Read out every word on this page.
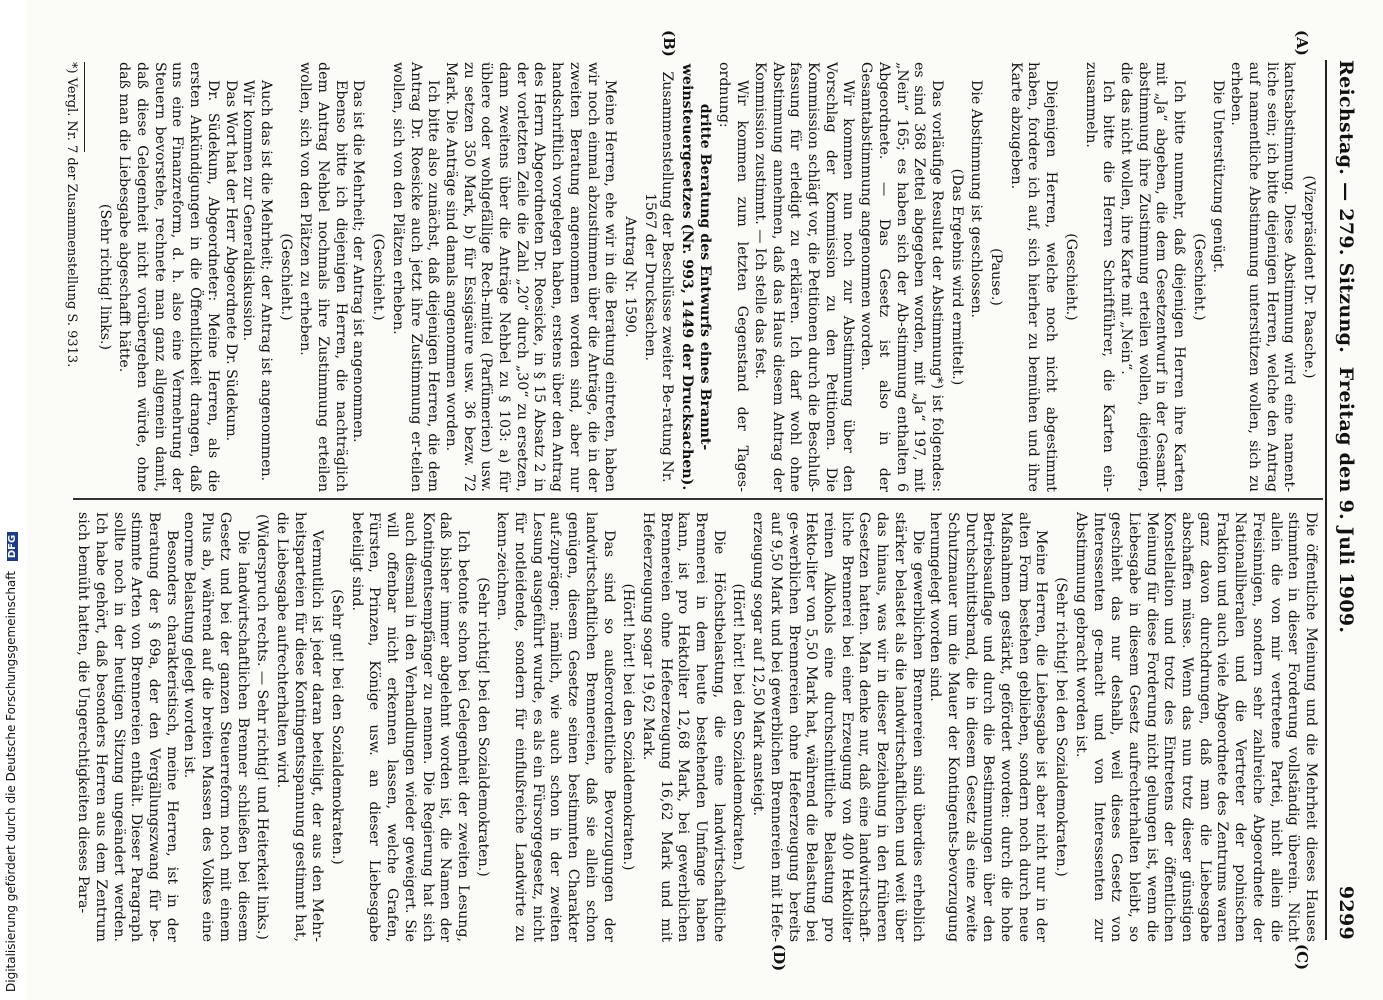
Reichstag. — 279. Sitzung.
Freitag den 9. Juli 1909.
9299
(A)
(B)
(C)
(D)

(Vizepräsident Dr. Paasche.)

kantsabstimmung. Diese Abstimmung wird eine nament-liche sein; ich bitte diejenigen Herren, welche den Antrag auf namentliche Abstimmung unterstützen wollen, sich zu erheben.

Die Unterstützung genügt.

(Geschieht.)

Ich bitte nunmehr, daß diejenigen Herren ihre Karten mit „Ja“ abgeben, die dem Gesetzentwurf in der Gesamt-abstimmung ihre Zustimmung erteilen wollen, diejenigen, die das nicht wollen, ihre Karte mit „Nein“.

Ich bitte die Herren Schriftführer, die Karten ein-zusammeln.

(Geschieht.)

Diejenigen Herren, welche noch nicht abgestimmt haben, fordere ich auf, sich hierher zu bemühen und ihre Karte abzugeben.

(Pause.)

Die Abstimmung ist geschlossen.

(Das Ergebnis wird ermittelt.)

Das vorläufige Resultat der Abstimmung*) ist folgendes: es sind 368 Zettel abgegeben worden, mit „Ja“ 197, mit „Nein“ 165; es haben sich der Ab-stimmung enthalten 6 Abgeordnete. — Das Gesetz ist also in der Gesamtabstimmung angenommen worden.

Wir kommen nun noch zur Abstimmung über den Vorschlag der Kommission zu den Petitionen. Die Kommission schlägt vor, die Petitionen durch die Beschluß-fassung für erledigt zu erklären. Ich darf wohl ohne Abstimmung annehmen, daß das Haus diesem Antrag der Kommission zustimmt. — Ich stelle das fest.

Wir kommen zum letzten Gegenstand der Tages-ordnung:

dritte Beratung des Entwurfs eines Brannt-weinsteuergesetzes (Nr. 993, 1449 der Drucksachen).

Zusammenstellung der Beschlüsse zweiter Be-ratung Nr. 1567 der Drucksachen.

Antrag Nr. 1590.

Meine Herren, ehe wir in die Beratung eintreten, haben wir noch einmal abzustimmen über die Anträge, die in der zweiten Beratung angenommen worden sind, aber nur handschriftlich vorgelegen haben, erstens über den Antrag des Herrn Abgeordneten Dr. Roesicke, in § 15 Absatz 2 in der vorletzten Zeile die Zahl „20“ durch „30“ zu ersetzen, dann zweitens über die Anträge Nehbel zu § 103: a) für üblere oder wohlgefällige Rech-mittel (Parfümerien) usw. zu setzen 350 Mark, b) für Essigsäure usw. 36 bezw. 72 Mark. Die Anträge sind damals angenommen worden.

Ich bitte also zunächst, daß diejenigen Herren, die dem Antrag Dr. Roesicke auch jetzt ihre Zustimmung er-teilen wollen, sich von den Plätzen erheben.

(Geschieht.)

Das ist die Mehrheit; der Antrag ist angenommen.

Ebenso bitte ich diejenigen Herren, die nachträglich dem Antrag Nehbel nochmals ihre Zustimmung erteilen wollen, sich von den Plätzen zu erheben.

(Geschieht.)

Auch das ist die Mehrheit; der Antrag ist angenommen.

Wir kommen zur Generaldiskussion.

Das Wort hat der Herr Abgeordnete Dr. Südekum.

Dr. Südekum, Abgeordneter: Meine Herren, als die ersten Ankündigungen in die Öffentlichkeit drangen, daß uns eine Finanzreform, d. h. also eine Vermehrung der Steuern bevorstehe, rechnete man ganz allgemein damit, daß diese Gelegenheit nicht vorübergehen würde, ohne daß man die Liebesgabe abgeschafft hätte.

(Sehr richtig! links.)

*) Vergl. Nr. 7 der Zusammenstellung S. 9313.

Die öffentliche Meinung und die Mehrheit dieses Hauses stimmten in dieser Forderung vollständig überein. Nicht allein die von mir vertretene Partei, nicht allein die Freisinnigen, sondern sehr zahlreiche Abgeordnete der Nationalliberalen und die Vertreter der polnischen Fraktion und auch viele Abgeordnete des Zentrums waren ganz davon durchdrungen, daß man die Liebesgabe abschaffen müsse. Wenn das nun trotz dieser günstigen Konstellation und trotz des Eintretens der öffentlichen Meinung für diese Forderung nicht gelungen ist, wenn die Liebesgabe in diesem Gesetz aufrechterhalten bleibt, so geschieht das nur deshalb, weil dieses Gesetz von Interessenten ge-macht und von Interessenten zur Abstimmung gebracht worden ist.

(Sehr richtig! bei den Sozialdemokraten.)

Meine Herren, die Liebesgabe ist aber nicht nur in der alten Form bestehen geblieben, sondern noch durch neue Maßnahmen gestärkt, gefördert worden: durch die hohe Betriebsauflage und durch die Bestimmungen über den Durchschnittsbrand, die in diesem Gesetz als eine zweite Schutzmauer um die Mauer der Kontingents-bevorzugung herumgelegt worden sind.

Die gewerblichen Brennereien sind überdies erheblich stärker belastet als die landwirtschaftlichen und weit über das hinaus, was wir in dieser Beziehung in den früheren Gesetzen hatten. Man denke nur, daß eine landwirtschaft-liche Brennerei bei einer Erzeugung von 400 Hektoliter reinen Alkohols eine durchschnittliche Belastung pro Hekto-liter von 5,50 Mark hat, während die Belastung bei ge-werblichen Brennereien ohne Hefeerzeugung bereits auf 9,50 Mark und bei gewerblichen Brennereien mit Hefe-erzeugung sogar auf 12,50 Mark ansteigt.

(Hört! hört! bei den Sozialdemokraten.)

Die Höchstbelastung, die eine landwirtschaftliche Brennerei in dem heute bestehenden Umfange haben kann, ist pro Hektoliter 12,68 Mark, bei gewerblichen Brennereien ohne Hefeerzeugung 16,62 Mark und mit Hefeerzeugung sogar 19,62 Mark.

(Hört! hört! bei den Sozialdemokraten.)

Das sind so außerordentliche Bevorzugungen der landwirtschaftlichen Brennereien, daß sie allein schon genügen, diesem Gesetze seinen bestimmten Charakter auf-zuprägen; nämlich, wie auch schon in der zweiten Lesung ausgeführt wurde, es als ein Fürsorgegesetz, nicht für notleidende, sondern für einflußreiche Landwirte zu kenn-zeichnen.

(Sehr richtig! bei den Sozialdemokraten.)

Ich betonte schon bei Gelegenheit der zweiten Lesung, daß bisher immer abgelehnt worden ist, die Namen der Kontingentsempfänger zu nennen. Die Regierung hat sich auch diesmal in den Verhandlungen wieder geweigert. Sie will offenbar nicht erkennen lassen, welche Grafen, Fürsten, Prinzen, Könige usw. an dieser Liebesgabe beteiligt sind.

(Sehr gut! bei den Sozialdemokraten.)

Vermutlich ist jeder daran beteiligt, der aus den Mehr-heitsparteien für diese Kontingentsspannung gestimmt hat, die Liebesgabe aufrechterhalten wird.

(Widerspruch rechts. — Sehr richtig! und Heiterkeit links.)

Die landwirtschaftlichen Brenner schließen bei diesem Gesetz und bei der ganzen Steuerreform noch mit einem Plus ab, während auf die breiten Massen des Volkes eine enorme Belastung gelegt worden ist.

Besonders charakteristisch, meine Herren, ist in der Beratung der § 69a, der den Vergällungszwang für be-stimmte Arten von Brennereien enthält. Dieser Paragraph sollte noch in der heutigen Sitzung ungeändert werden. Ich habe gehört, daß besonders Herren aus dem Zentrum sich bemüht hatten, die Ungerechtigkeiten dieses Para-

Digitalisierung gefördert durch die Deutsche Forschungsgemeinschaft DFG
